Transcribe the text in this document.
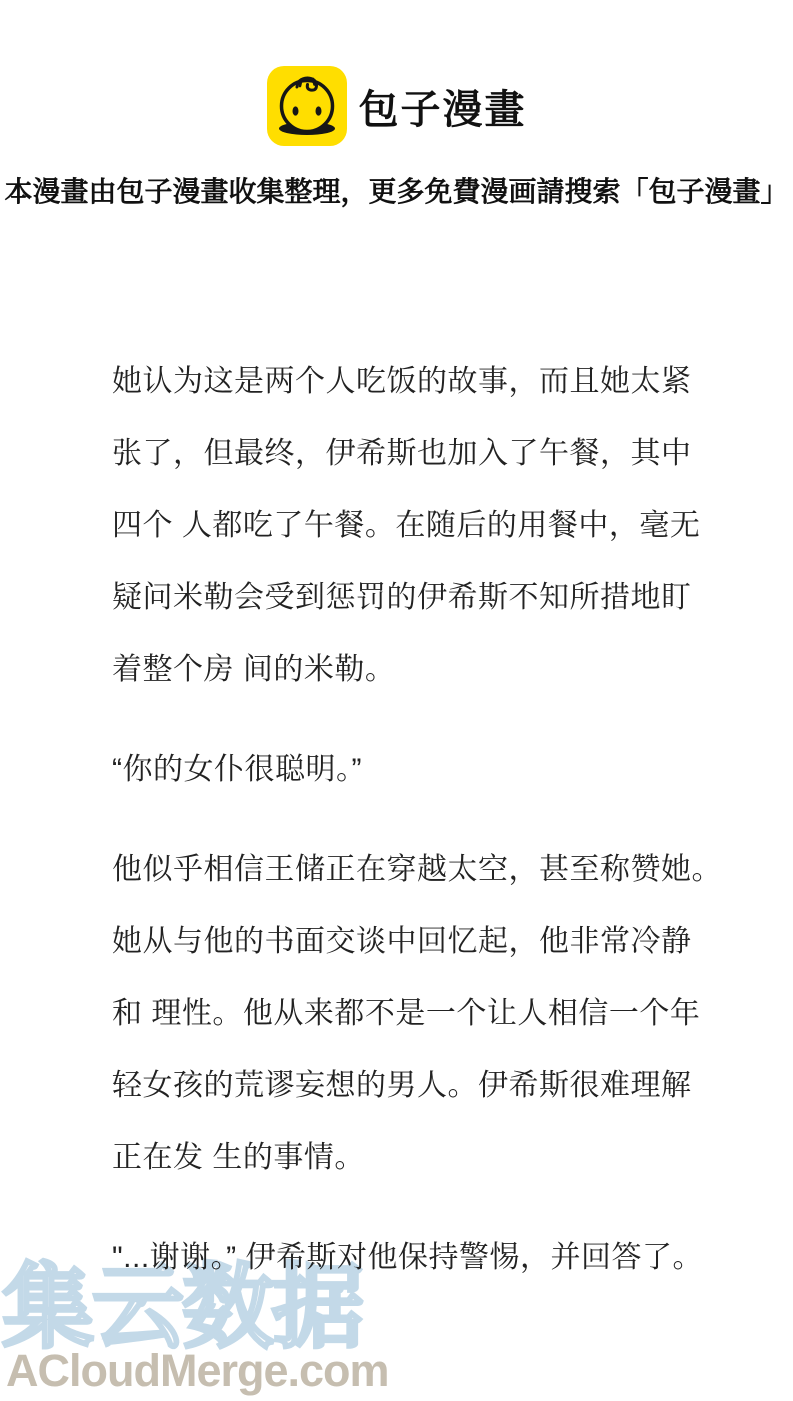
包子漫畫
本漫畫由包子漫畫收集整理，更多免費漫画請搜索「包子漫畫」
她认为这是两个人吃饭的故事，而且她太紧
张了，但最终，伊希斯也加入了午餐，其中
四个 人都吃了午餐。在随后的用餐中，毫无
疑问米勒会受到惩罚的伊希斯不知所措地盯
着整个房 间的米勒。
“你的女仆很聪明。”
他似乎相信王储正在穿越太空，甚至称赞她。
她从与他的书面交谈中回忆起，他非常冷静
和 理性。他从来都不是一个让人相信一个年
轻女孩的荒谬妄想的男人。伊希斯很难理解
正在发 生的事情。
"...谢谢。” 伊希斯对他保持警惕，并回答了。
集云数据
ACloudMerge.com
